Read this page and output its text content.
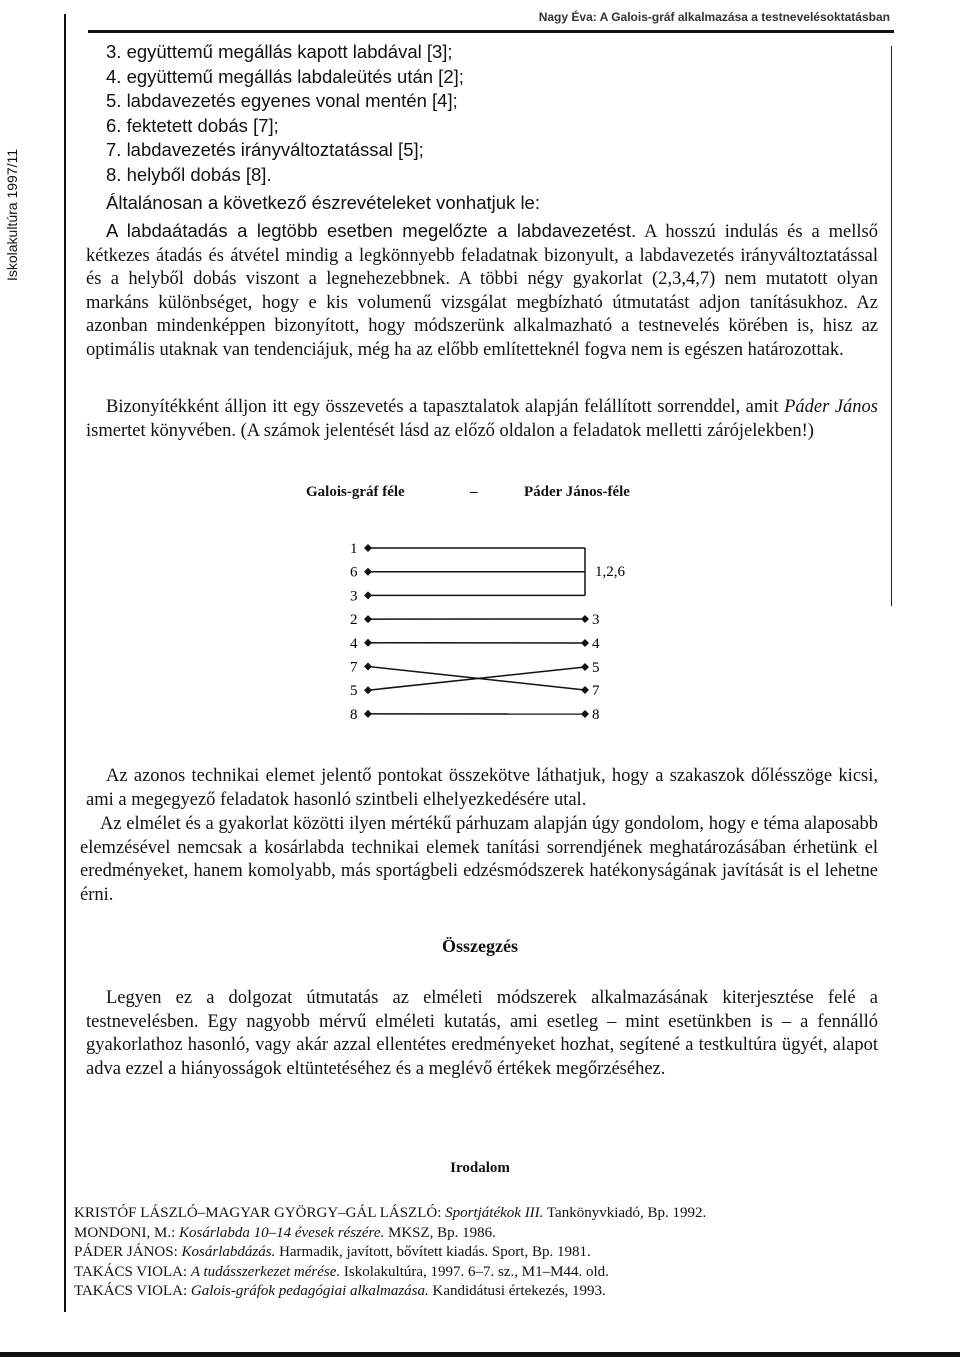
Iskolakultúra 1997/11
Nagy Éva: A Galois-gráf alkalmazása a testnevelésoktatásban
3. együttemű megállás kapott labdával [3];
4. együttemű megállás labdaleütés után [2];
5. labdavezetés egyenes vonal mentén [4];
6. fektetett dobás [7];
7. labdavezetés irányváltoztatással [5];
8. helyből dobás [8].
Általánosan a következő észrevételeket vonhatjuk le:

A labdaátadás a legtöbb esetben megelőzte a labdavezetést. A hosszú indulás és a mellső kétkezes átadás és átvétel mindig a legkönnyebb feladatnak bizonyult, a labdavezetés irányváltoztatással és a helyből dobás viszont a legnehezebbnek. A többi négy gyakorlat (2,3,4,7) nem mutatott olyan markáns különbséget, hogy e kis volumenű vizsgálat megbízható útmutatást adjon tanításukhoz. Az azonban mindenképpen bizonyított, hogy módszerünk alkalmazható a testnevelés körében is, hisz az optimális utaknak van tendenciájuk, még ha az előbb említetteknél fogva nem is egészen határozottak.

Bizonyítékként álljon itt egy összevetés a tapasztalatok alapján felállított sorrenddel, amit Páder János ismertet könyvében. (A számok jelentését lásd az előző oldalon a feladatok melletti zárójelekben!)

Galois-gráf féle	–	Páder János-féle
1
6
3
2
4
7
5
8
1,2,6
3
4
5
7
8

Az azonos technikai elemet jelentő pontokat összekötve láthatjuk, hogy a szakaszok dőlésszöge kicsi, ami a megegyező feladatok hasonló szintbeli elhelyezkedésére utal.

Az elmélet és a gyakorlat közötti ilyen mértékű párhuzam alapján úgy gondolom, hogy e téma alaposabb elemzésével nemcsak a kosárlabda technikai elemek tanítási sorrendjének meghatározásában érhetünk el eredményeket, hanem komolyabb, más sportágbeli edzésmódszerek hatékonyságának javítását is el lehetne érni.

Összegzés

Legyen ez a dolgozat útmutatás az elméleti módszerek alkalmazásának kiterjesztése felé a testnevelésben. Egy nagyobb mérvű elméleti kutatás, ami esetleg – mint esetünkben is – a fennálló gyakorlathoz hasonló, vagy akár azzal ellentétes eredményeket hozhat, segítené a testkultúra ügyét, alapot adva ezzel a hiányosságok eltüntetéséhez és a meglévő értékek megőrzéséhez.

Irodalom
KRISTÓF LÁSZLÓ–MAGYAR GYÖRGY–GÁL LÁSZLÓ: Sportjátékok III. Tankönyvkiadó, Bp. 1992.
MONDONI, M.: Kosárlabda 10–14 évesek részére. MKSZ, Bp. 1986.
PÁDER JÁNOS: Kosárlabdázás. Harmadik, javított, bővített kiadás. Sport, Bp. 1981.
TAKÁCS VIOLA: A tudásszerkezet mérése. Iskolakultúra, 1997. 6–7. sz., M1–M44. old.
TAKÁCS VIOLA: Galois-gráfok pedagógiai alkalmazása. Kandidátusi értekezés, 1993.
